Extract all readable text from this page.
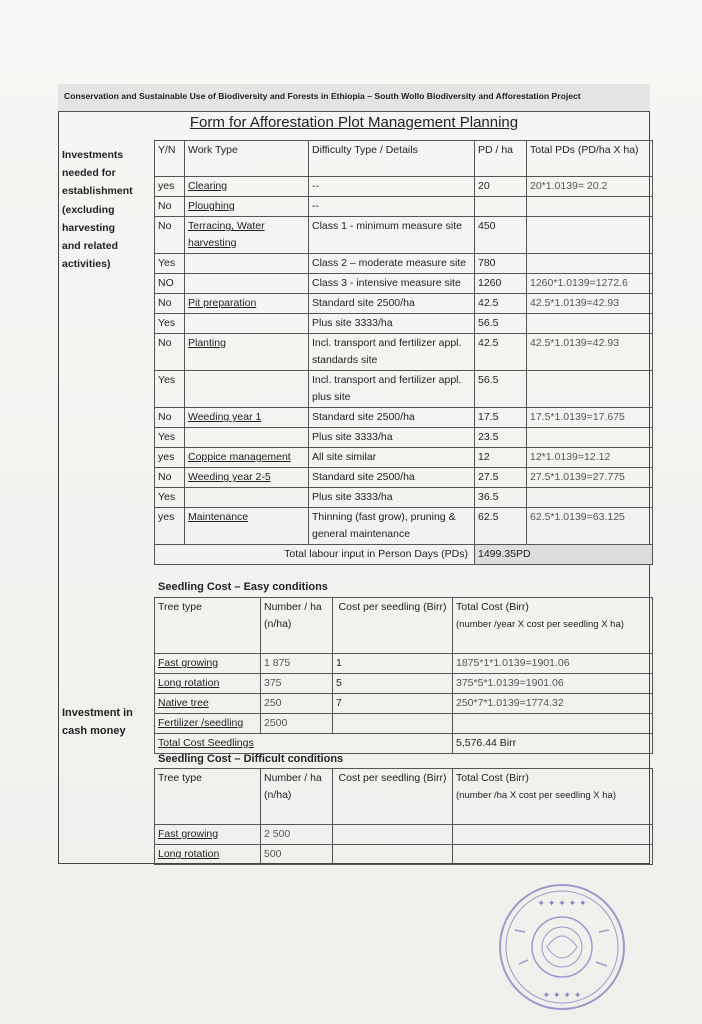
Conservation and Sustainable Use of Biodiversity and Forests in Ethiopia – South Wollo Biodiversity and Afforestation Project
Form for Afforestation Plot Management Planning
Investments
needed for
establishment
(excluding
harvesting
and related
activities)
Y/N	Work Type	Difficulty Type / Details	PD / ha	Total PDs (PD/ha X ha)
yes	Clearing	--	20	20*1.0139= 20.2
No	Ploughing	--		
No	Terracing, Water harvesting	Class 1 - minimum measure site	450	
Yes		Class 2 – moderate measure site	780	
NO		Class 3 - intensive measure site	1260	1260*1.0139=1272.6
No	Pit preparation	Standard site 2500/ha	42.5	42.5*1.0139=42.93
Yes		Plus site 3333/ha	56.5	
No	Planting	Incl. transport and fertilizer appl. standards site	42.5	42.5*1.0139=42.93
Yes		Incl. transport and fertilizer appl. plus site	56.5	
No	Weeding year 1	Standard site 2500/ha	17.5	17.5*1.0139=17.675
Yes		Plus site 3333/ha	23.5	
yes	Coppice management	All site similar	12	12*1.0139=12.12
No	Weeding year 2-5	Standard site 2500/ha	27.5	27.5*1.0139=27.775
Yes		Plus site 3333/ha	36.5	
yes	Maintenance	Thinning (fast grow), pruning & general maintenance	62.5	62.5*1.0139=63.125
Total labour input in Person Days (PDs)			1499.35PD	
Investment in
cash money
Seedling Cost – Easy conditions
Tree type	Number / ha (n/ha)	Cost per seedling (Birr)	Total Cost (Birr)
(number /year X cost per seedling X ha)

Fast growing	1 875	1	1875*1*1.0139=1901.06
Long rotation	375	5	375*5*1.0139=1901.06
Native tree	250	7	250*7*1.0139=1774.32
Fertilizer /seedling	2500		
Total Cost Seedlings			5,576.44 Birr
Seedling Cost – Difficult conditions
Tree type	Number / ha (n/ha)	Cost per seedling (Birr)	Total Cost (Birr)
(number /ha X cost per seedling X ha)

Fast growing	2 500		
Long rotation	500		
✦ ✦ ✦ ✦ ✦
✦ ✦ ✦ ✦
